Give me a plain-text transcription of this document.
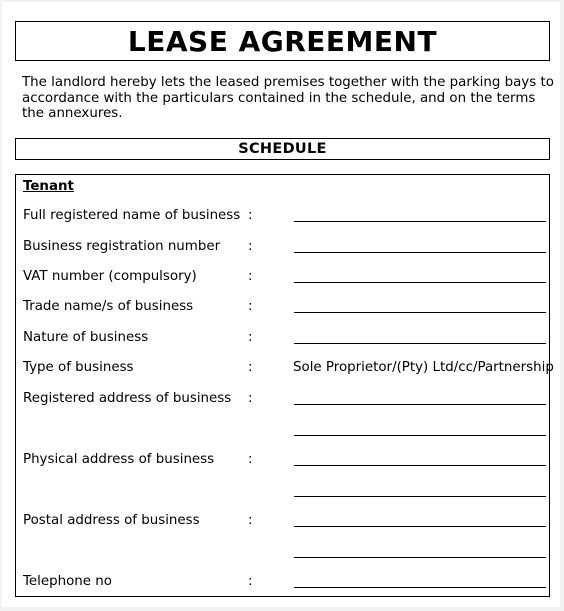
LEASE AGREEMENT
The landlord hereby lets the leased premises together with the parking bays to
accordance with the particulars contained in the schedule, and on the terms
the annexures.
SCHEDULE
Tenant
Full registered name of business :
Business registration number :
VAT number (compulsory)	:
Trade name/s of business	:
Nature of business	:
Type of business	:	Sole Proprietor/(Pty) Ltd/cc/Partnership
Registered address of business :
Physical address of business	:
Postal address of business	:
Telephone no	:
